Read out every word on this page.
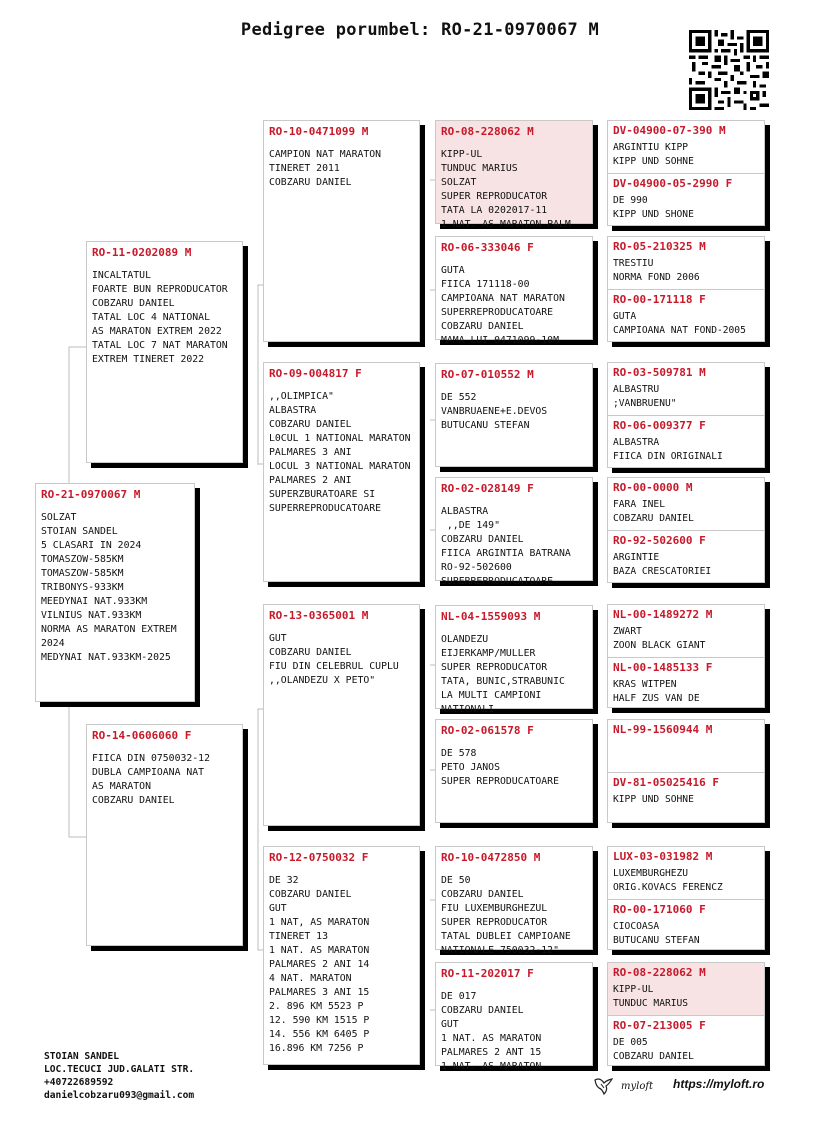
Pedigree porumbel: RO-21-0970067 M
RO-21-0970067 M
SOLZAT
STOIAN SANDEL
5 CLASARI IN 2024
TOMASZOW-585KM
TOMASZOW-585KM
TRIBONYS-933KM
MEEDYNAI NAT.933KM
VILNIUS NAT.933KM
NORMA AS MARATON EXTREM
2024
MEDYNAI NAT.933KM-2025
RO-11-0202089 M
INCALTATUL
FOARTE BUN REPRODUCATOR
COBZARU DANIEL
TATAL LOC 4 NATIONAL
AS MARATON EXTREM 2022
TATAL LOC 7 NAT MARATON
EXTREM TINERET 2022
RO-14-0606060 F
FIICA DIN 0750032-12
DUBLA CAMPIOANA NAT
AS MARATON
COBZARU DANIEL
RO-10-0471099 M
CAMPION NAT MARATON
TINERET 2011
COBZARU DANIEL
RO-09-004817 F
,,OLIMPICA"
ALBASTRA
COBZARU DANIEL
L0CUL 1 NATIONAL MARATON
PALMARES 3 ANI
LOCUL 3 NATIONAL MARATON
PALMARES 2 ANI
SUPERZBURATOARE SI
SUPERREPRODUCATOARE
RO-13-0365001 M
GUT
COBZARU DANIEL
FIU DIN CELEBRUL CUPLU
,,OLANDEZU X PETO"
RO-12-0750032 F
DE 32
COBZARU DANIEL
GUT
1 NAT, AS MARATON
TINERET 13
1 NAT. AS MARATON
PALMARES 2 ANI 14
4 NAT. MARATON
PALMARES 3 ANI 15
2. 896 KM 5523 P
12. 590 KM 1515 P
14. 556 KM 6405 P
16.896 KM 7256 P
RO-08-228062 M
KIPP-UL
TUNDUC MARIUS
SOLZAT
SUPER REPRODUCATOR
TATA LA 0202017-11
1 NAT. AS MARATON PALM
RO-06-333046 F
GUTA
FIICA 171118-00
CAMPIOANA NAT MARATON
SUPERREPRODUCATOARE
COBZARU DANIEL
MAMA LUI 0471099-10M
RO-07-010552 M
DE 552
VANBRUAENE+E.DEVOS
BUTUCANU STEFAN
RO-02-028149 F
ALBASTRA
,,DE 149"
COBZARU DANIEL
FIICA ARGINTIA BATRANA
RO-92-502600
SUPERREPRODUCATOARE
NL-04-1559093 M
OLANDEZU
EIJERKAMP/MULLER
SUPER REPRODUCATOR
TATA, BUNIC,STRABUNIC
LA MULTI CAMPIONI
NATIONALI
RO-02-061578 F
DE 578
PETO JANOS
SUPER REPRODUCATOARE
RO-10-0472850 M
DE 50
COBZARU DANIEL
FIU LUXEMBURGHEZUL
SUPER REPRODUCATOR
TATAL DUBLEI CAMPIOANE
NATIONALE 750032-12"
RO-11-202017 F
DE 017
COBZARU DANIEL
GUT
1 NAT. AS MARATON
PALMARES 2 ANT 15
1 NAT. AS MARATON
DV-04900-07-390 M
ARGINTIU KIPP
KIPP UND SOHNE
DV-04900-05-2990 F
DE 990
KIPP UND SHONE
RO-05-210325 M
TRESTIU
NORMA FOND 2006
RO-00-171118 F
GUTA
CAMPIOANA NAT FOND-2005
RO-03-509781 M
ALBASTRU
;VANBRUENU"
RO-06-009377 F
ALBASTRA
FIICA DIN ORIGINALI
RO-00-0000 M
FARA INEL
COBZARU DANIEL
RO-92-502600 F
ARGINTIE
BAZA CRESCATORIEI
NL-00-1489272 M
ZWART
ZOON BLACK GIANT
NL-00-1485133 F
KRAS WITPEN
HALF ZUS VAN DE
NL-99-1560944 M
DV-81-05025416 F
KIPP UND SOHNE
LUX-03-031982 M
LUXEMBURGHEZU
ORIG.KOVACS FERENCZ
RO-00-171060 F
CIOCOASA
BUTUCANU STEFAN
RO-08-228062 M
KIPP-UL
TUNDUC MARIUS
RO-07-213005 F
DE 005
COBZARU DANIEL
STOIAN SANDEL
LOC.TECUCI JUD.GALATI STR.
+40722689592
danielcobzaru093@gmail.com
myloft https://myloft.ro
